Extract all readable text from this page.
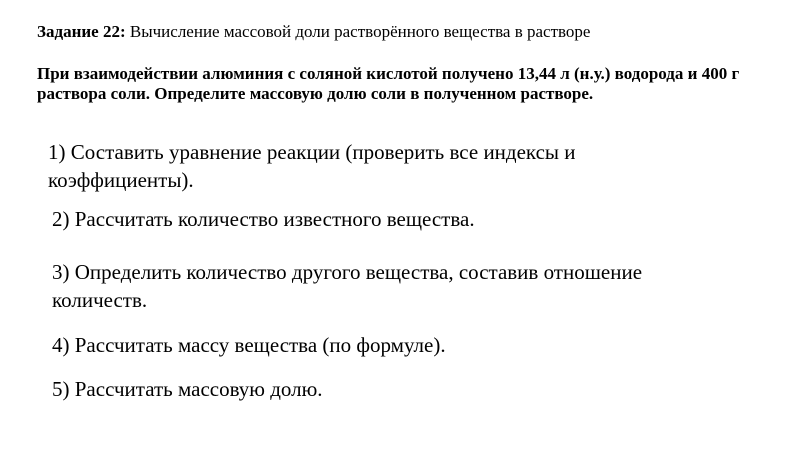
Задание 22: Вычисление массовой доли растворённого вещества в растворе
При взаимодействии алюминия с соляной кислотой получено 13,44 л (н.у.) водорода и 400 г раствора соли. Определите массовую долю соли в полученном растворе.
1) Составить уравнение реакции (проверить все индексы и коэффициенты).
2) Рассчитать количество известного вещества.
3) Определить количество другого вещества, составив отношение количеств.
4) Рассчитать массу вещества (по формуле).
5) Рассчитать массовую долю.
